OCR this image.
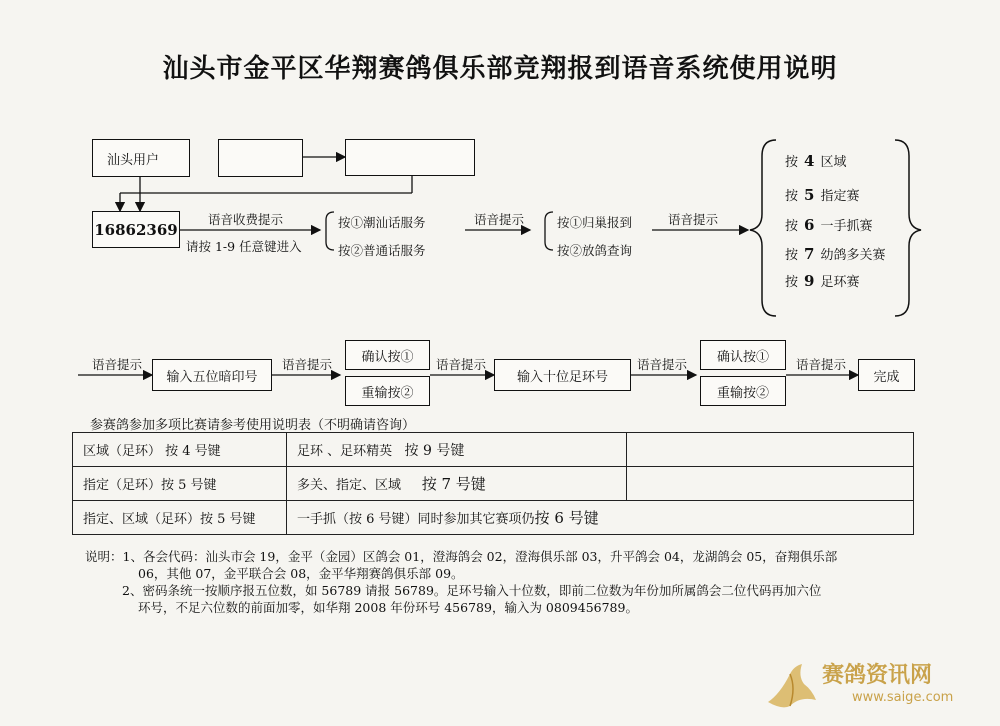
汕头市金平区华翔赛鸽俱乐部竞翔报到语音系统使用说明
汕头用户
16862369
语音收费提示
请按 1-9 任意键进入
按①潮汕话服务
按②普通话服务
语音提示	按①归巢报到
按②放鸽查询
语音提示
按 4 区域
按 5 指定赛
按 6 一手抓赛
按 7 幼鸽多关赛
按 9 足环赛
语音提示
输入五位暗印号
语音提示	确认按①
重输按②
语音提示
输入十位足环号
语音提示	确认按①
重输按②
语音提示
完成
参赛鸽参加多项比赛请参考使用说明表（不明确请咨询）
区域（足环） 按 4 号键	足环 、足环精英 按 9 号键	
指定（足环）按 5 号键	多关、指定、区域 按 7 号键	
指定、区域（足环）按 5 号键	一手抓（按 6 号键）同时参加其它赛项仍按 6 号键	
说明：1、各会代码：汕头市会 19，金平（金园）区鸽会 01，澄海鸽会 02，澄海俱乐部 03，升平鸽会 04，龙湖鸽会 05，奋翔俱乐部
06，其他 07，金平联合会 08，金平华翔赛鸽俱乐部 09。
2、密码条统一按顺序报五位数，如 56789 请报 56789。足环号输入十位数，即前二位数为年份加所属鸽会二位代码再加六位
环号，不足六位数的前面加零，如华翔 2008 年份环号 456789，输入为 0809456789。
赛鸽资讯网
www.saige.com
